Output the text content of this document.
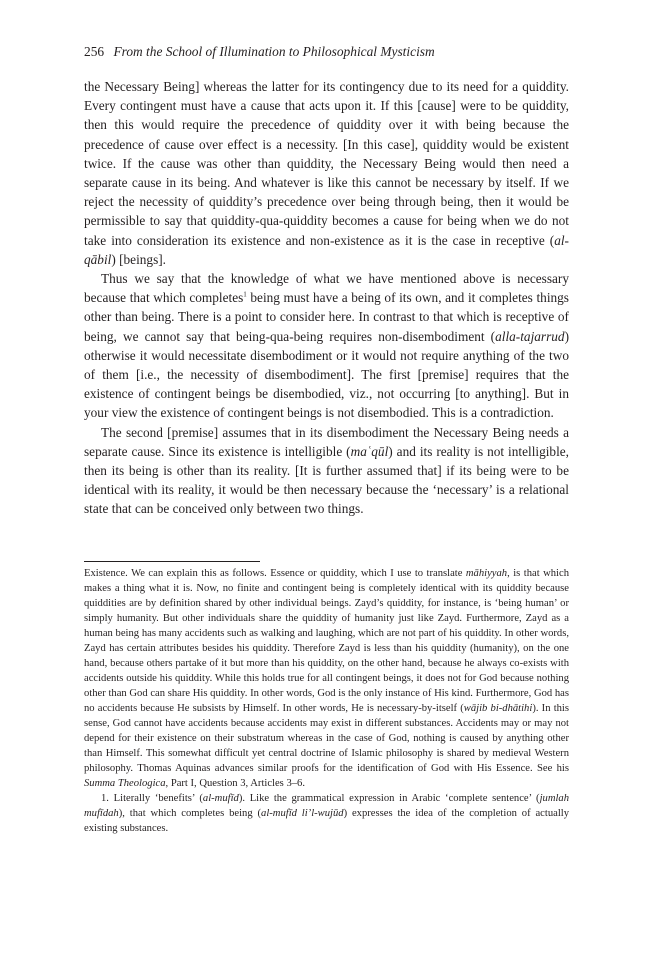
256 From the School of Illumination to Philosophical Mysticism

the Necessary Being] whereas the latter for its contingency due to its need for a quiddity. Every contingent must have a cause that acts upon it. If this [cause] were to be quiddity, then this would require the precedence of quiddity over it with being because the precedence of cause over effect is a necessity. [In this case], quiddity would be existent twice. If the cause was other than quiddity, the Necessary Being would then need a separate cause in its being. And whatever is like this cannot be necessary by itself. If we reject the necessity of quiddity’s precedence over being through being, then it would be permissible to say that quiddity-qua-quiddity becomes a cause for being when we do not take into consideration its existence and non-existence as it is the case in receptive (al-qābil) [beings].

Thus we say that the knowledge of what we have mentioned above is necessary because that which completes$^1$ being must have a being of its own, and it completes things other than being. There is a point to consider here. In contrast to that which is receptive of being, we cannot say that being-qua-being requires non-disembodiment (alla-tajarrud) otherwise it would necessitate disembodiment or it would not require anything of the two of them [i.e., the necessity of disembodiment]. The first [premise] requires that the existence of contingent beings be disembodied, viz., not occurring [to anything]. But in your view the existence of contingent beings is not disembodied. This is a contradiction.

The second [premise] assumes that in its disembodiment the Necessary Being needs a separate cause. Since its existence is intelligible (maʿqūl) and its reality is not intelligible, then its being is other than its reality. [It is further assumed that] if its being were to be identical with its reality, it would be then necessary because the ‘necessary’ is a relational state that can be conceived only between two things.

Existence. We can explain this as follows. Essence or quiddity, which I use to translate māhiyyah, is that which makes a thing what it is. Now, no finite and contingent being is completely identical with its quiddity because quiddities are by definition shared by other individual beings. Zayd’s quiddity, for instance, is ‘being human’ or simply humanity. But other individuals share the quiddity of humanity just like Zayd. Furthermore, Zayd as a human being has many accidents such as walking and laughing, which are not part of his quiddity. In other words, Zayd has certain attributes besides his quiddity. Therefore Zayd is less than his quiddity (humanity), on the one hand, because others partake of it but more than his quiddity, on the other hand, because he always co-exists with accidents outside his quiddity. While this holds true for all contingent beings, it does not for God because nothing other than God can share His quiddity. In other words, God is the only instance of His kind. Furthermore, God has no accidents because He subsists by Himself. In other words, He is necessary-by-itself (wājib bi-dhātihi). In this sense, God cannot have accidents because accidents may exist in different substances. Accidents may or may not depend for their existence on their substratum whereas in the case of God, nothing is caused by anything other than Himself. This somewhat difficult yet central doctrine of Islamic philosophy is shared by medieval Western philosophy. Thomas Aquinas advances similar proofs for the identification of God with His Essence. See his Summa Theologica, Part I, Question 3, Articles 3–6.

1. Literally ‘benefits’ (al-mufīd). Like the grammatical expression in Arabic ‘complete sentence’ (jumlah mufīdah), that which completes being (al-mufīd li’l-wujūd) expresses the idea of the completion of actually existing substances.
